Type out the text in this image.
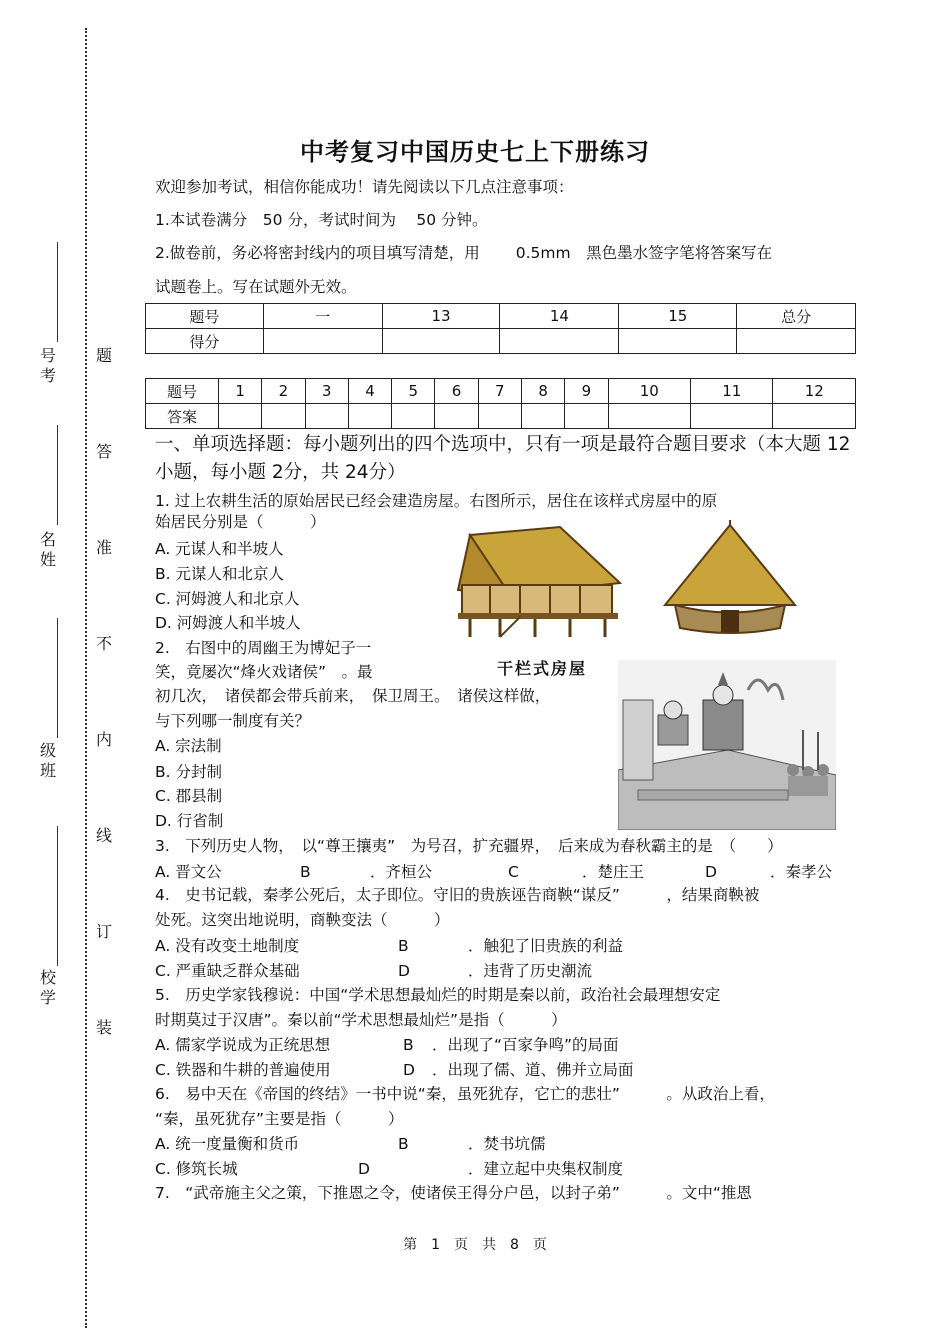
号
考
名
姓
级
班
校
学
题
答
准
不
内
线
订
装
中考复习中国历史七上下册练习
欢迎参加考试，相信你能成功！请先阅读以下几点注意事项：
1.本试卷满分　50 分，考试时间为　 50 分钟。
2.做卷前，务必将密封线内的项目填写清楚，用　　 0.5mm　黑色墨水签字笔将答案写在
试题卷上。写在试题外无效。
题号	一	13	14	15	总分
得分					
题号	1	2	3	4	5	6	7	8	9	10	11	12
答案												
一、单项选择题：每小题列出的四个选项中，只有一项是最符合题目要求（本大题 12
小题，每小题 2分，共 24分）
1. 过上农耕生活的原始居民已经会建造房屋。右图所示，居住在该样式房屋中的原
始居民分别是（　　　）
A. 元谋人和半坡人
B. 元谋人和北京人
C. 河姆渡人和北京人
D. 河姆渡人和半坡人
干栏式房屋
2.　右图中的周幽王为博妃子一
笑，竟屡次“烽火戏诸侯”　。最
初几次，　诸侯都会带兵前来，　保卫周王。　诸侯这样做，
与下列哪一制度有关？
A. 宗法制
B. 分封制
C. 郡县制
D. 行省制
3.　下列历史人物，　以“尊王攘夷”　为号召，扩充疆界，　后来成为春秋霸主的是　（　　）
A. 晋文公	B	．齐桓公	C	．楚庄王	D	．秦孝公
4.　史书记载，秦孝公死后，太子即位。守旧的贵族诬告商鞅“谋反”　　　，结果商鞅被
处死。这突出地说明，商鞅变法（　　　）
A. 没有改变土地制度	B	．触犯了旧贵族的利益
C. 严重缺乏群众基础	D	．违背了历史潮流
5.　历史学家钱穆说：中国“学术思想最灿烂的时期是秦以前，政治社会最理想安定
时期莫过于汉唐”。秦以前“学术思想最灿烂”是指（　　　）
A. 儒家学说成为正统思想	B ．出现了“百家争鸣”的局面
C. 铁器和牛耕的普遍使用	D ．出现了儒、道、佛并立局面
6.　易中天在《帝国的终结》一书中说“秦，虽死犹存，它亡的悲壮”　　　。从政治上看，
“秦，虽死犹存”主要是指（　　　）
A. 统一度量衡和货币	B	．焚书坑儒
C. 修筑长城	D	．建立起中央集权制度
7.　“武帝施主父之策，下推恩之令，使诸侯王得分户邑，以封子弟”　　　。文中“推恩
第　1　页　共　8　页
